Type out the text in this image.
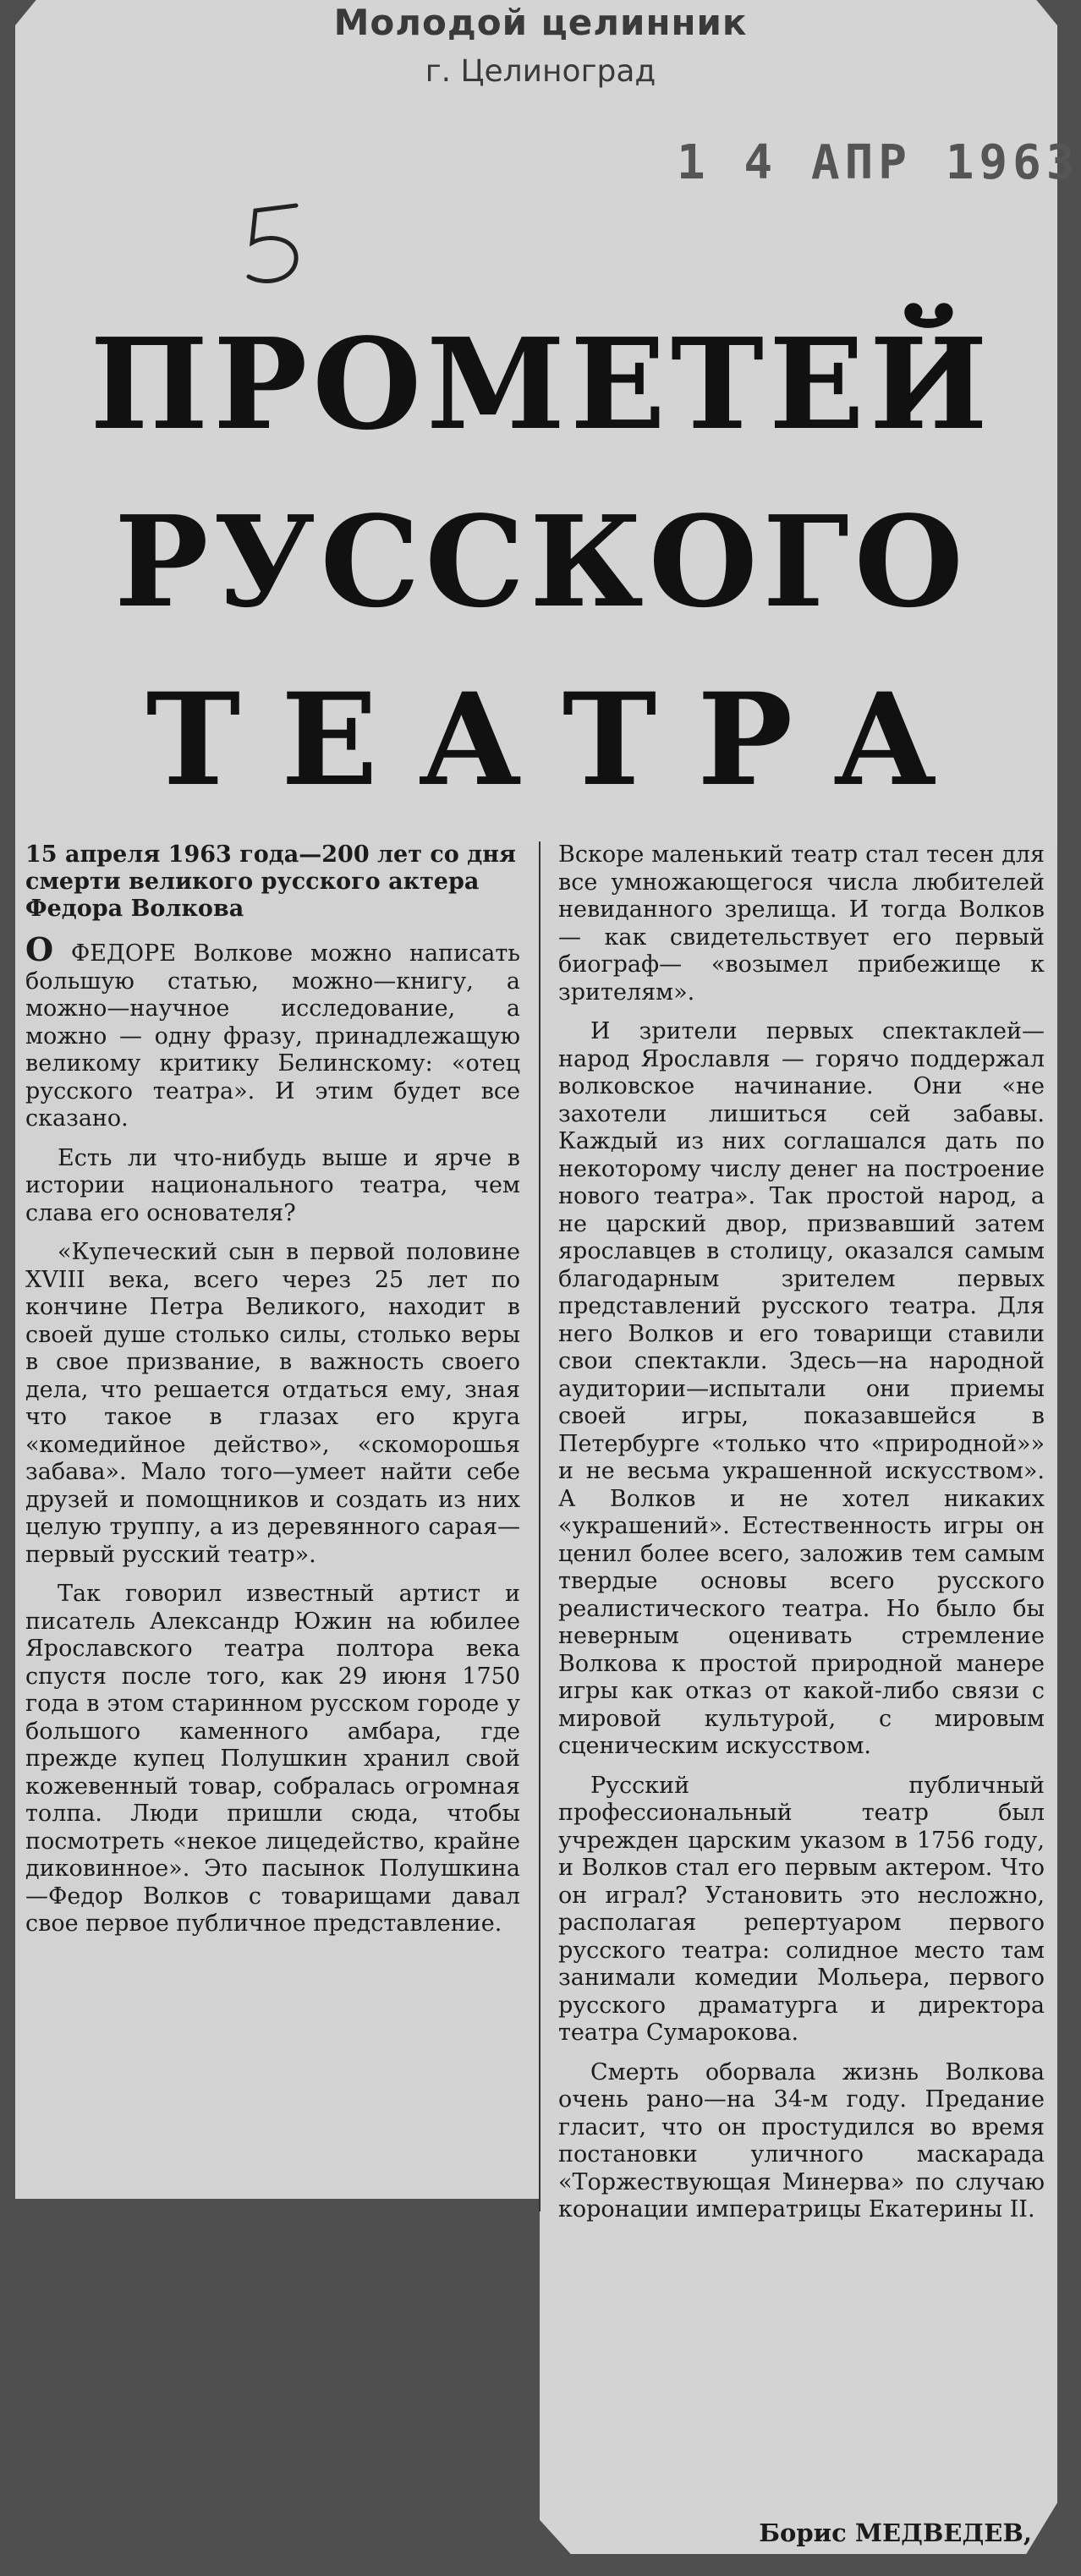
Молодой целинник
г. Целиноград
1 4 АПР 1963
ПРОМЕТЕЙ
РУССКОГО
ТЕАТРА
15 апреля 1963 года—200 лет со дня смерти великого русского актера Федора Волкова

О ФЕДОРЕ Волкове можно написать большую статью, можно—книгу, а можно—научное исследование, а можно — одну фразу, принадлежащую великому критику Белинскому: «отец русского театра». И этим будет все сказано.

Есть ли что-нибудь выше и ярче в истории национального театра, чем слава его основателя?

«Купеческий сын в первой половине XVIII века, всего через 25 лет по кончине Петра Великого, находит в своей душе столько силы, столько веры в свое призвание, в важность своего дела, что решается отдаться ему, зная что такое в глазах его круга «комедийное действо», «скоморошья забава». Мало того—умеет найти себе друзей и помощников и создать из них целую труппу, а из деревянного сарая—первый русский театр».

Так говорил известный артист и писатель Александр Южин на юбилее Ярославского театра полтора века спустя после того, как 29 июня 1750 года в этом старинном русском городе у большого каменного амбара, где прежде купец Полушкин хранил свой кожевенный товар, собралась огромная толпа. Люди пришли сюда, чтобы посмотреть «некое лицедейство, крайне диковинное». Это пасынок Полушкина—Федор Волков с товарищами давал свое первое публичное представление.

Вскоре маленький театр стал тесен для все умножающегося числа любителей невиданного зрелища. И тогда Волков— как свидетельствует его первый биограф— «возымел прибежище к зрителям».

И зрители первых спектаклей—народ Ярославля — горячо поддержал волковское начинание. Они «не захотели лишиться сей забавы. Каждый из них соглашался дать по некоторому числу денег на построение нового театра». Так простой народ, а не царский двор, призвавший затем ярославцев в столицу, оказался самым благодарным зрителем первых представлений русского театра. Для него Волков и его товарищи ставили свои спектакли. Здесь—на народной аудитории—испытали они приемы своей игры, показавшейся в Петербурге «только что «природной»» и не весьма украшенной искусством». А Волков и не хотел никаких «украшений». Естественность игры он ценил более всего, заложив тем самым твердые основы всего русского реалистического театра. Но было бы неверным оценивать стремление Волкова к простой природной манере игры как отказ от какой-либо связи с мировой культурой, с мировым сценическим искусством.

Русский публичный профессиональный театр был учрежден царским указом в 1756 году, и Волков стал его первым актером. Что он играл? Установить это несложно, располагая репертуаром первого русского театра: солидное место там занимали комедии Мольера, первого русского драматурга и директора театра Сумарокова.

Смерть оборвала жизнь Волкова очень рано—на 34-м году. Предание гласит, что он простудился во время постановки уличного маскарада «Торжествующая Минерва» по случаю коронации императрицы Екатерины II.

Борис МЕДВЕДЕВ,
